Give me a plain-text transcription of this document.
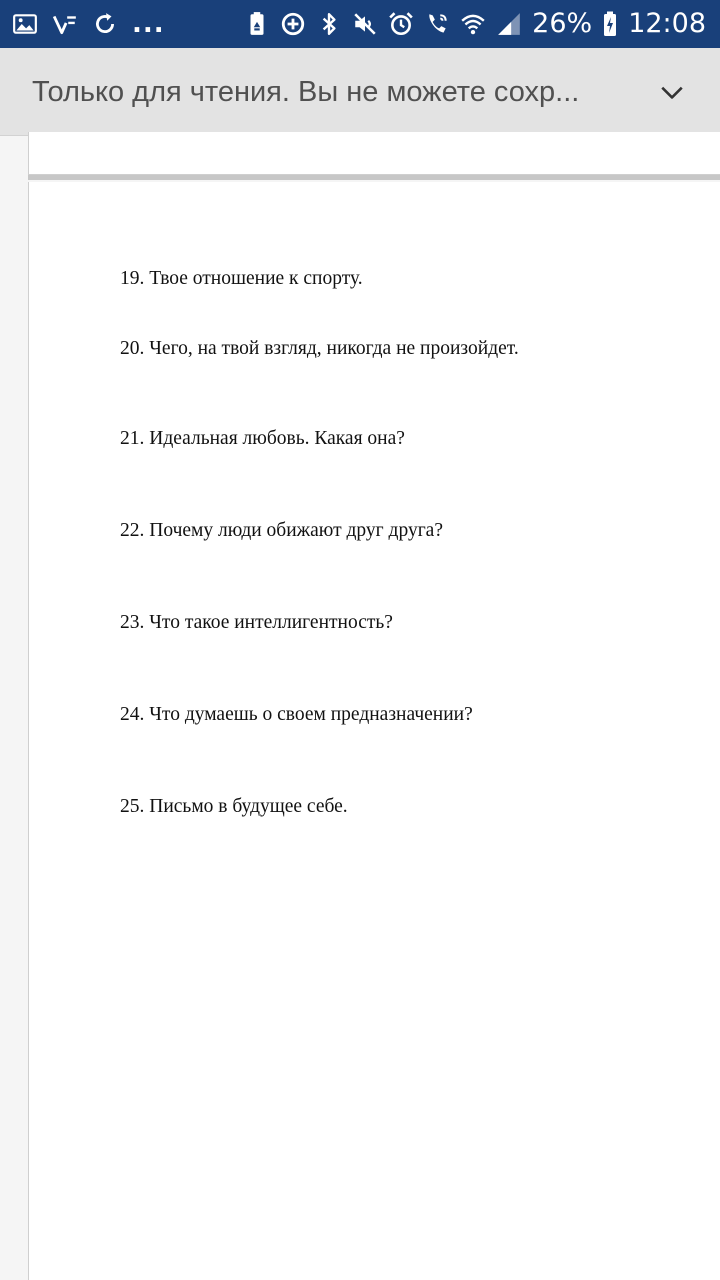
...	26% 12:08
Только для чтения. Вы не можете сохр...
19. Твое отношение к спорту.
20. Чего, на твой взгляд, никогда не произойдет.
21. Идеальная любовь. Какая она?
22. Почему люди обижают друг друга?
23. Что такое интеллигентность?
24. Что думаешь о своем предназначении?
25. Письмо в будущее себе.
